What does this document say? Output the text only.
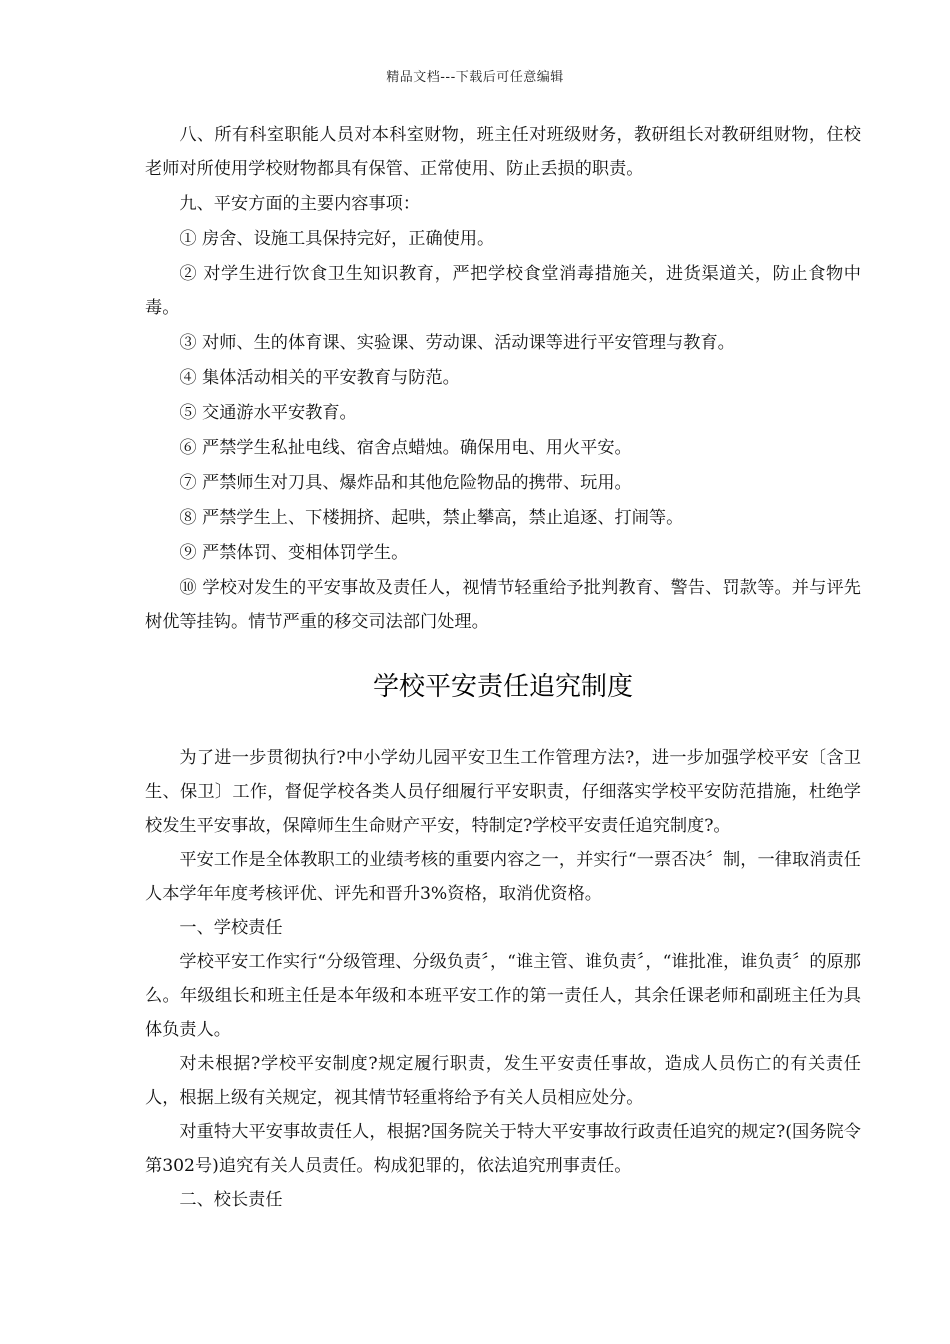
精品文档---下载后可任意编辑

八、所有科室职能人员对本科室财物，班主任对班级财务，教研组长对教研组财物，住校老师对所使用学校财物都具有保管、正常使用、防止丢损的职责。

九、平安方面的主要内容事项：

① 房舍、设施工具保持完好，正确使用。

② 对学生进行饮食卫生知识教育，严把学校食堂消毒措施关，进货渠道关，防止食物中毒。

③ 对师、生的体育课、实验课、劳动课、活动课等进行平安管理与教育。

④ 集体活动相关的平安教育与防范。

⑤ 交通游水平安教育。

⑥ 严禁学生私扯电线、宿舍点蜡烛。确保用电、用火平安。

⑦ 严禁师生对刀具、爆炸品和其他危险物品的携带、玩用。

⑧ 严禁学生上、下楼拥挤、起哄，禁止攀高，禁止追逐、打闹等。

⑨ 严禁体罚、变相体罚学生。

⑩ 学校对发生的平安事故及责任人，视情节轻重给予批判教育、警告、罚款等。并与评先树优等挂钩。情节严重的移交司法部门处理。

学校平安责任追究制度

为了进一步贯彻执行?中小学幼儿园平安卫生工作管理方法?，进一步加强学校平安〔含卫生、保卫〕工作，督促学校各类人员仔细履行平安职责，仔细落实学校平安防范措施，杜绝学校发生平安事故，保障师生生命财产平安，特制定?学校平安责任追究制度?。

平安工作是全体教职工的业绩考核的重要内容之一，并实行“一票否决〞制，一律取消责任人本学年年度考核评优、评先和晋升3%资格，取消优资格。

一、学校责任

学校平安工作实行“分级管理、分级负责〞，“谁主管、谁负责〞，“谁批准，谁负责〞的原那么。年级组长和班主任是本年级和本班平安工作的第一责任人，其余任课老师和副班主任为具体负责人。

对未根据?学校平安制度?规定履行职责，发生平安责任事故，造成人员伤亡的有关责任人，根据上级有关规定，视其情节轻重将给予有关人员相应处分。

对重特大平安事故责任人，根据?国务院关于特大平安事故行政责任追究的规定?(国务院令第302号)追究有关人员责任。构成犯罪的，依法追究刑事责任。

二、校长责任
